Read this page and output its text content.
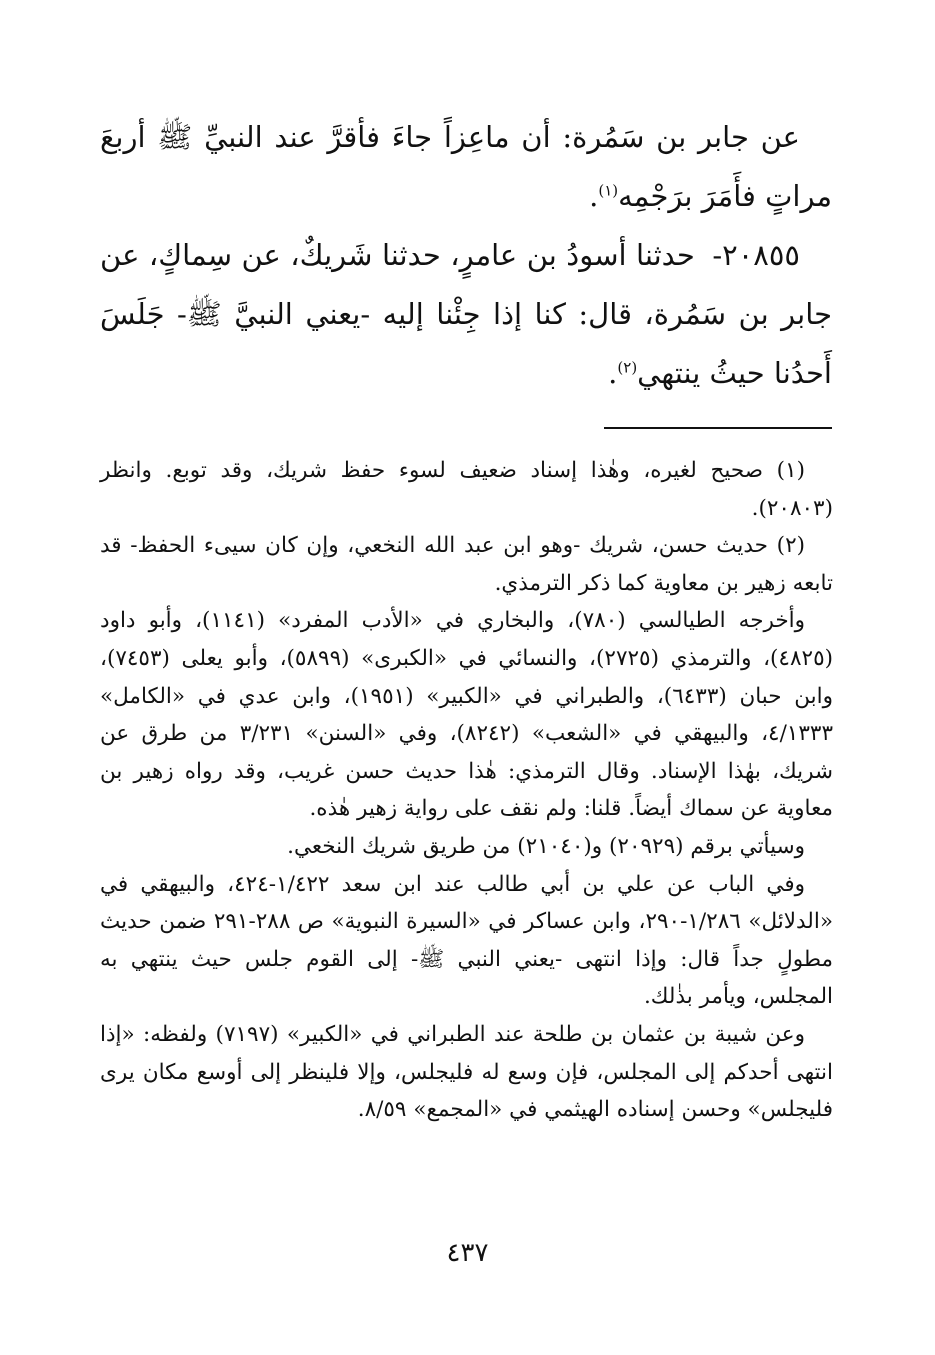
عن جابر بن سَمُرة: أن ماعِزاً جاءَ فأقرَّ عند النبيِّ ﷺ أربعَ مراتٍ فأَمَرَ برَجْمِه$^{(١)}$.

٢٠٨٥٥- حدثنا أسودُ بن عامرٍ، حدثنا شَريكٌ، عن سِماكٍ، عن جابر بن سَمُرة، قال: كنا إذا جِئْنا إليه -يعني النبيَّ ﷺ- جَلَسَ أَحدُنا حيثُ ينتهي$^{(٢)}$.

(١) صحيح لغيره، وهٰذا إسناد ضعيف لسوء حفظ شريك، وقد توبع. وانظر (٢٠٨٠٣).

(٢) حديث حسن، شريك -وهو ابن عبد الله النخعي، وإن كان سيىء الحفظ- قد تابعه زهير بن معاوية كما ذكر الترمذي.

وأخرجه الطيالسي (٧٨٠)، والبخاري في «الأدب المفرد» (١١٤١)، وأبو داود (٤٨٢٥)، والترمذي (٢٧٢٥)، والنسائي في «الكبرى» (٥٨٩٩)، وأبو يعلى (٧٤٥٣)، وابن حبان (٦٤٣٣)، والطبراني في «الكبير» (١٩٥١)، وابن عدي في «الكامل» ٤/١٣٣٣، والبيهقي في «الشعب» (٨٢٤٢)، وفي «السنن» ٣/٢٣١ من طرق عن شريك، بهٰذا الإسناد. وقال الترمذي: هٰذا حديث حسن غريب، وقد رواه زهير بن معاوية عن سماك أيضاً. قلنا: ولم نقف على رواية زهير هٰذه.

وسيأتي برقم (٢٠٩٢٩) و(٢١٠٤٠) من طريق شريك النخعي.

وفي الباب عن علي بن أبي طالب عند ابن سعد ١/٤٢٢-٤٢٤، والبيهقي في «الدلائل» ١/٢٨٦-٢٩٠، وابن عساكر في «السيرة النبوية» ص ٢٨٨-٢٩١ ضمن حديث مطولٍ جداً قال: وإذا انتهى -يعني النبي ﷺ- إلى القوم جلس حيث ينتهي به المجلس، ويأمر بذٰلك.

وعن شيبة بن عثمان بن طلحة عند الطبراني في «الكبير» (٧١٩٧) ولفظه: «إذا انتهى أحدكم إلى المجلس، فإن وسع له فليجلس، وإلا فلينظر إلى أوسع مكان يرى فليجلس» وحسن إسناده الهيثمي في «المجمع» ٨/٥٩.

٤٣٧
